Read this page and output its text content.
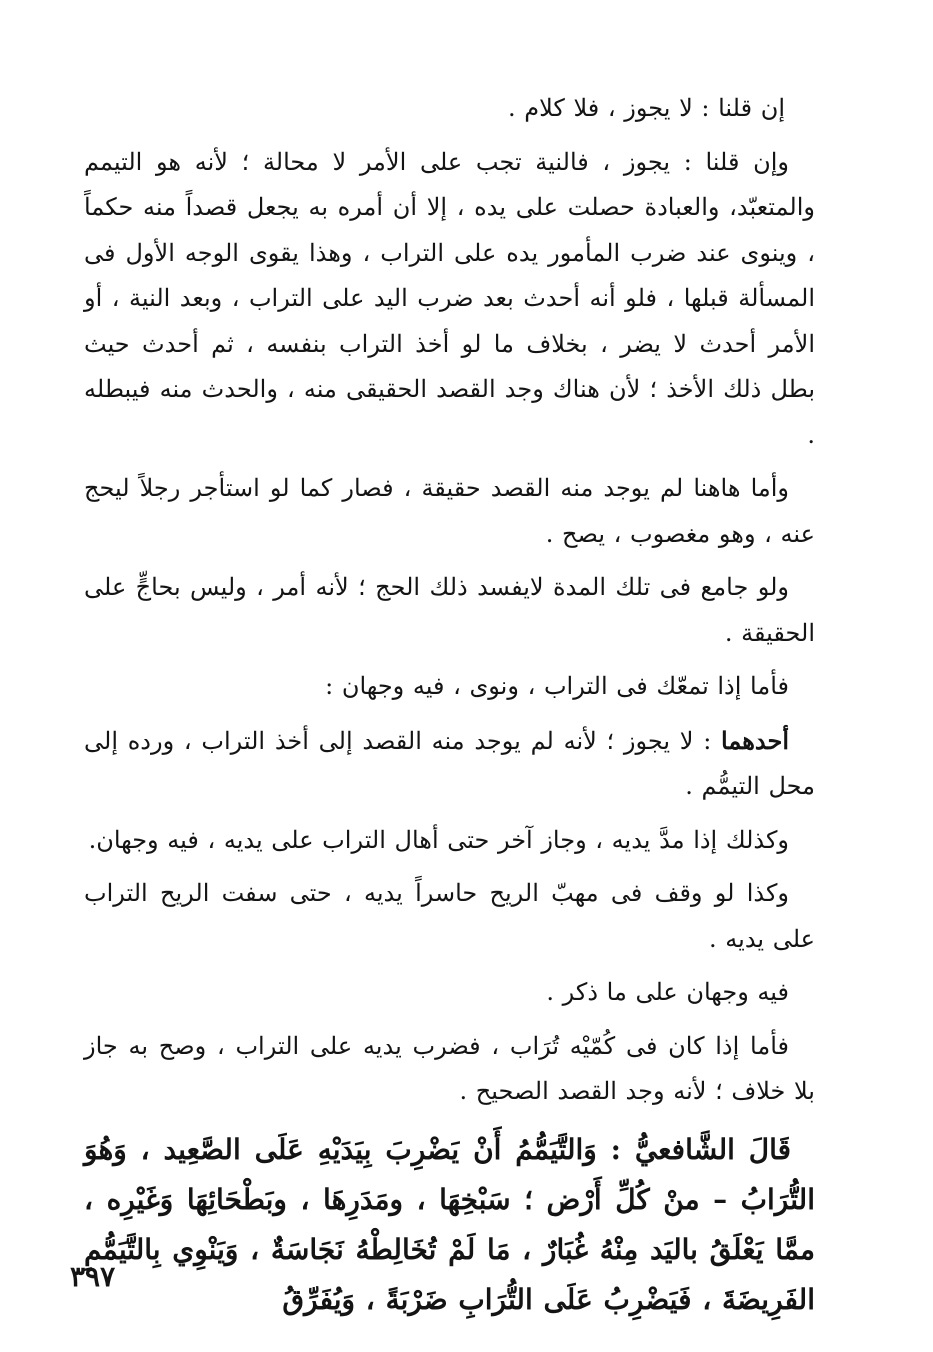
إن قلنا : لا يجوز ، فلا كلام .

وإن قلنا : يجوز ، فالنية تجب على الأمر لا محالة ؛ لأنه هو التيمم والمتعبّد، والعبادة حصلت على يده ، إلا أن أمره به يجعل قصداً منه حكماً ، وينوى عند ضرب المأمور يده على التراب ، وهذا يقوى الوجه الأول فى المسألة قبلها ، فلو أنه أحدث بعد ضرب اليد على التراب ، وبعد النية ، أو الأمر أحدث لا يضر ، بخلاف ما لو أخذ التراب بنفسه ، ثم أحدث حيث بطل ذلك الأخذ ؛ لأن هناك وجد القصد الحقيقى منه ، والحدث منه فيبطله .

وأما هاهنا لم يوجد منه القصد حقيقة ، فصار كما لو استأجر رجلاً ليحج عنه ، وهو مغصوب ، يصح .

ولو جامع فى تلك المدة لايفسد ذلك الحج ؛ لأنه أمر ، وليس بحاجٍّ على الحقيقة .

فأما إذا تمعّك فى التراب ، ونوى ، فيه وجهان :

أحدهما : لا يجوز ؛ لأنه لم يوجد منه القصد إلى أخذ التراب ، ورده إلى محل التيمُّم .

وكذلك إذا مدَّ يديه ، وجاز آخر حتى أهال التراب على يديه ، فيه وجهان.

وكذا لو وقف فى مهبّ الريح حاسراً يديه ، حتى سفت الريح التراب على يديه .

فيه وجهان على ما ذكر .

فأما إذا كان فى كُمّيْه تُرَاب ، فضرب يديه على التراب ، وصح به جاز بلا خلاف ؛ لأنه وجد القصد الصحيح .

قَالَ الشَّافعيُّ : وَالتَّيَمُّمُ أَنْ يَضْرِبَ بِيَدَيْهِ عَلَى الصَّعِيد ، وَهُوَ التُّرَابُ – منْ كُلِّ أَرْض ؛ سَبْخِهَا ، ومَدَرِهَا ، وبَطْحَائِهَا وَغَيْرِه ، ممَّا يَعْلَقُ باليَد مِنْهُ غُبَارٌ ، مَا لَمْ تُخَالِطْهُ نَجَاسَةٌ ، وَيَنْوِي بِالتَّيَمُّمِ الفَرِيضَةَ ، فَيَضْرِبُ عَلَى التُّرَابِ ضَرْبَةً ، وَيُفَرِّقُ

٣٩٧
